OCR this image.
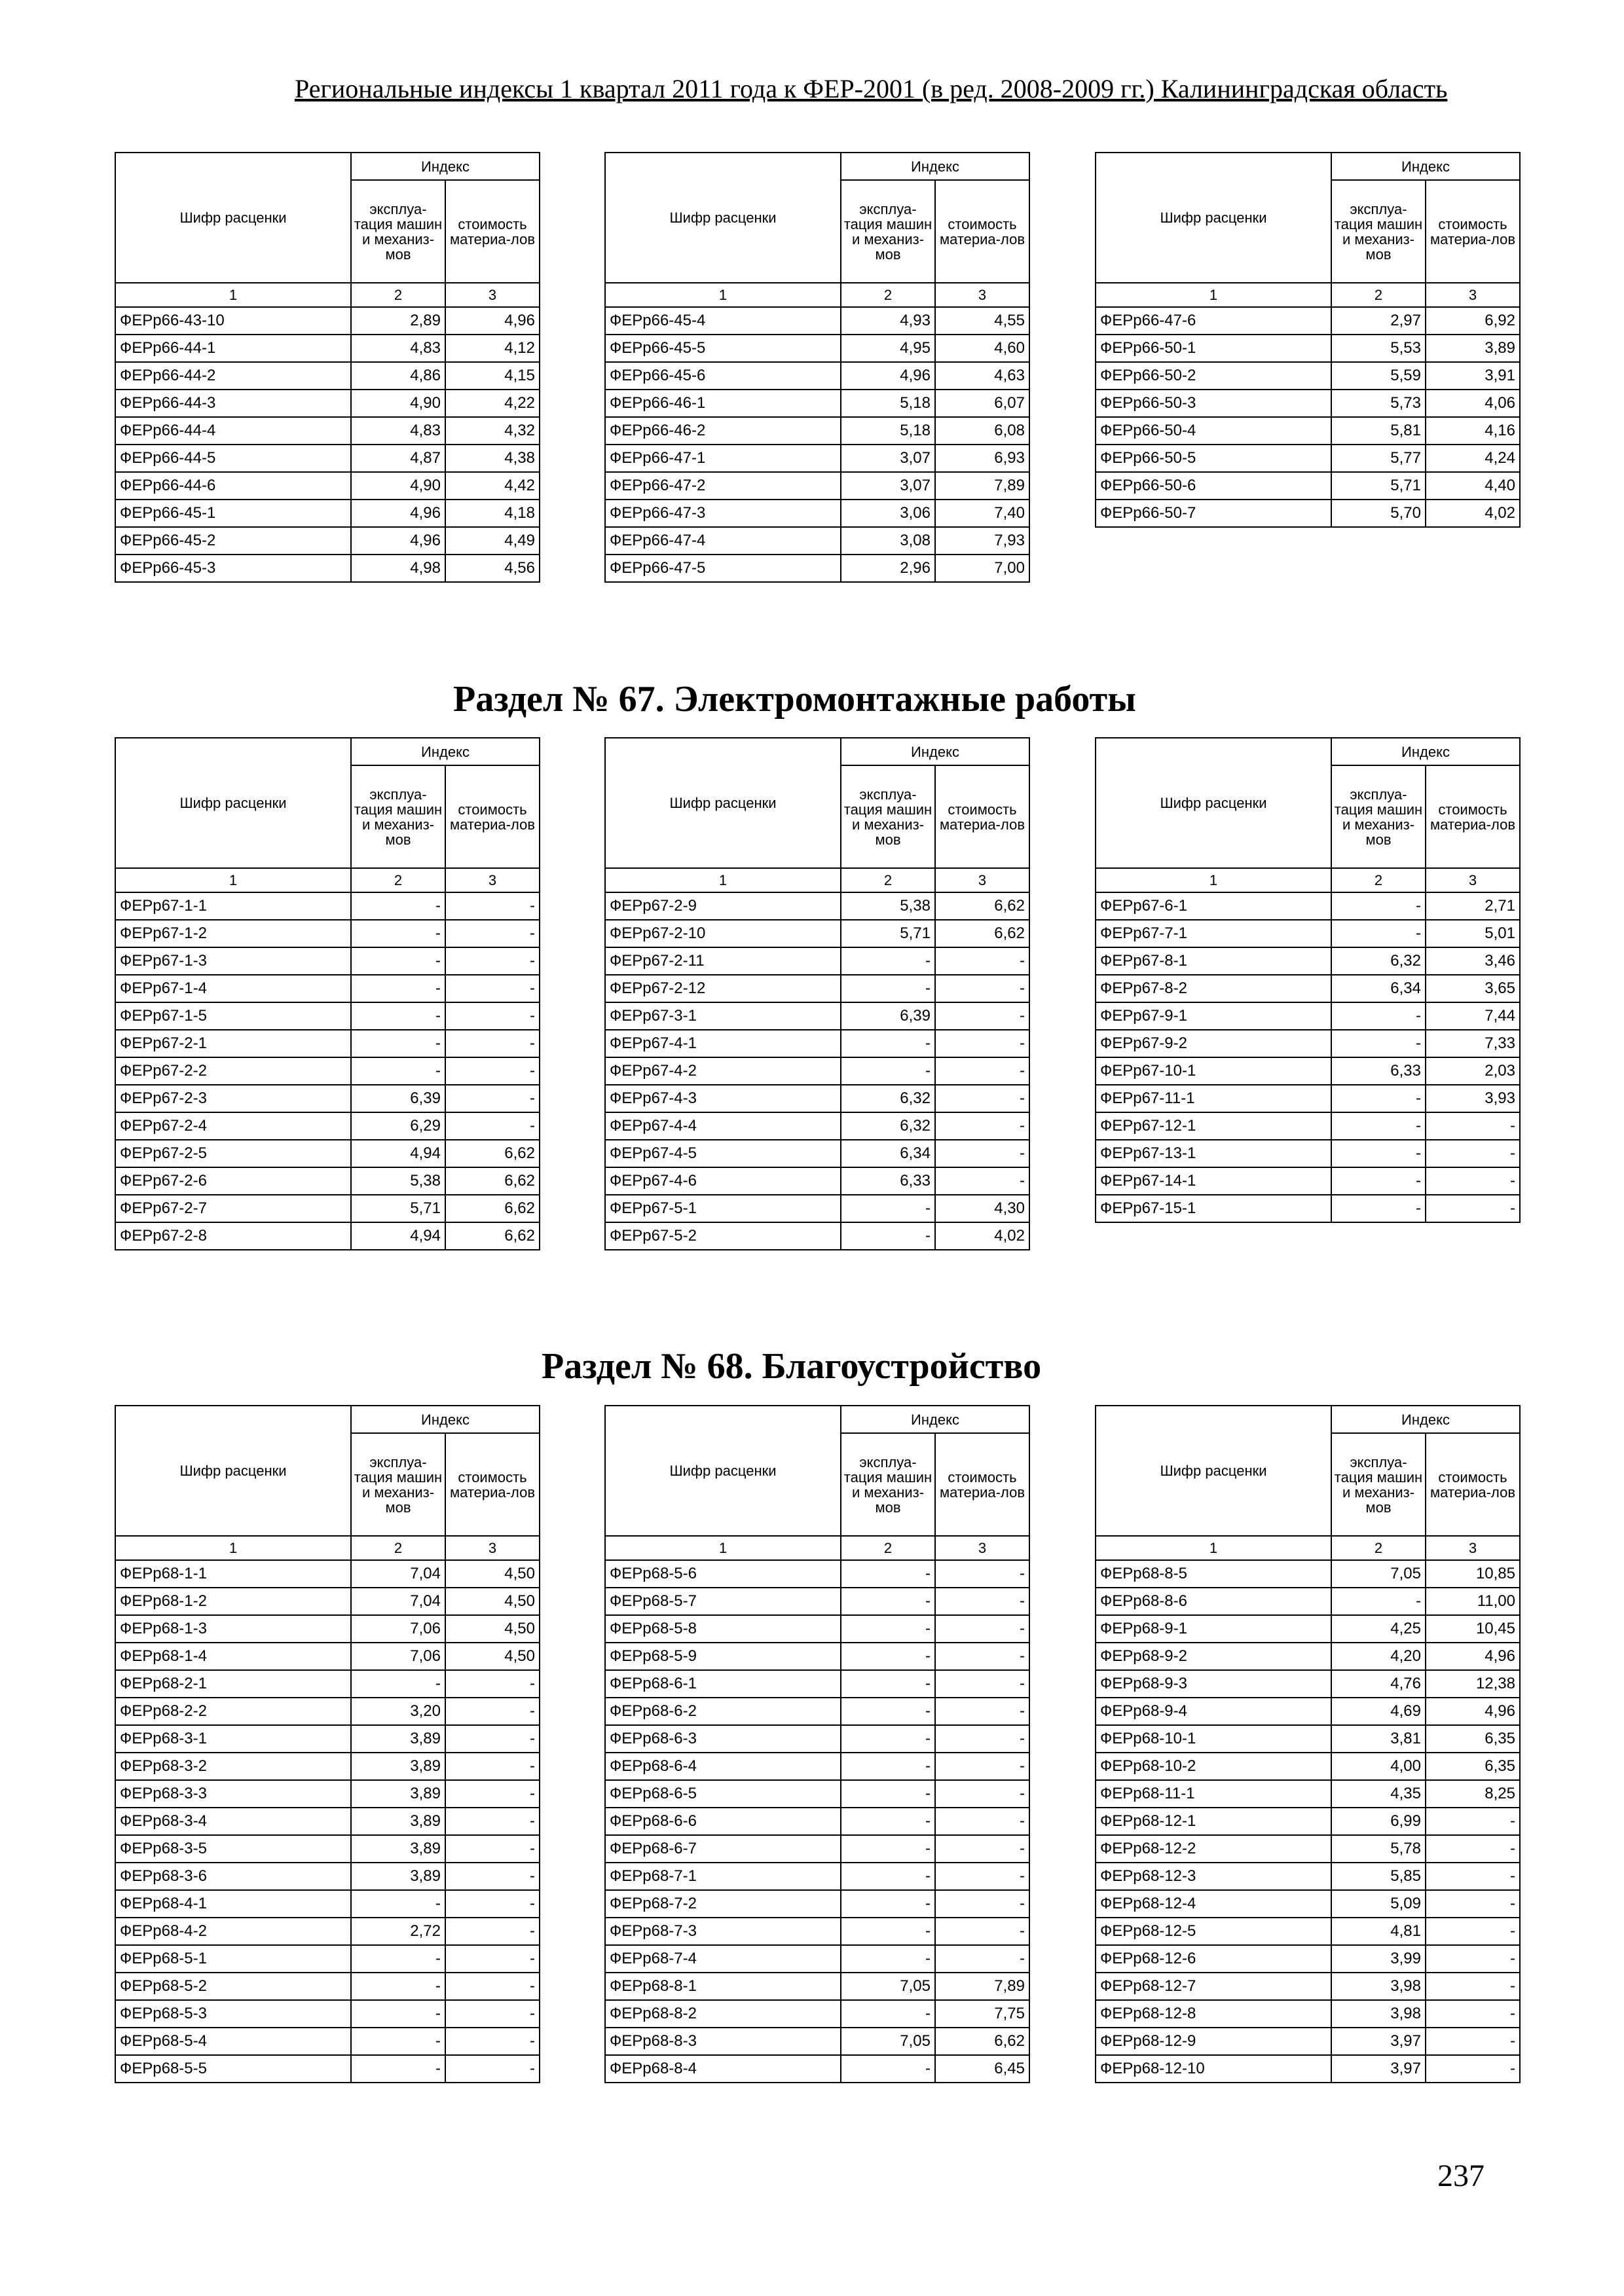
Региональные индексы 1 квартал 2011 года к ФЕР-2001 (в ред. 2008-2009 гг.) Калининградская область
Шифр расценки	Индекс	
	эксплуа-тация машин и механиз-мов	стоимость материа-лов
1	2	3
ФЕРр66-43-10	2,89	4,96
ФЕРр66-44-1	4,83	4,12
ФЕРр66-44-2	4,86	4,15
ФЕРр66-44-3	4,90	4,22
ФЕРр66-44-4	4,83	4,32
ФЕРр66-44-5	4,87	4,38
ФЕРр66-44-6	4,90	4,42
ФЕРр66-45-1	4,96	4,18
ФЕРр66-45-2	4,96	4,49
ФЕРр66-45-3	4,98	4,56
Шифр расценки	Индекс	
	эксплуа-тация машин и механиз-мов	стоимость материа-лов
1	2	3
ФЕРр66-45-4	4,93	4,55
ФЕРр66-45-5	4,95	4,60
ФЕРр66-45-6	4,96	4,63
ФЕРр66-46-1	5,18	6,07
ФЕРр66-46-2	5,18	6,08
ФЕРр66-47-1	3,07	6,93
ФЕРр66-47-2	3,07	7,89
ФЕРр66-47-3	3,06	7,40
ФЕРр66-47-4	3,08	7,93
ФЕРр66-47-5	2,96	7,00
Шифр расценки	Индекс	
	эксплуа-тация машин и механиз-мов	стоимость материа-лов
1	2	3
ФЕРр66-47-6	2,97	6,92
ФЕРр66-50-1	5,53	3,89
ФЕРр66-50-2	5,59	3,91
ФЕРр66-50-3	5,73	4,06
ФЕРр66-50-4	5,81	4,16
ФЕРр66-50-5	5,77	4,24
ФЕРр66-50-6	5,71	4,40
ФЕРр66-50-7	5,70	4,02
Раздел № 67. Электромонтажные работы
Шифр расценки	Индекс	
	эксплуа-тация машин и механиз-мов	стоимость материа-лов
1	2	3
ФЕРр67-1-1	-	-
ФЕРр67-1-2	-	-
ФЕРр67-1-3	-	-
ФЕРр67-1-4	-	-
ФЕРр67-1-5	-	-
ФЕРр67-2-1	-	-
ФЕРр67-2-2	-	-
ФЕРр67-2-3	6,39	-
ФЕРр67-2-4	6,29	-
ФЕРр67-2-5	4,94	6,62
ФЕРр67-2-6	5,38	6,62
ФЕРр67-2-7	5,71	6,62
ФЕРр67-2-8	4,94	6,62
Шифр расценки	Индекс	
	эксплуа-тация машин и механиз-мов	стоимость материа-лов
1	2	3
ФЕРр67-2-9	5,38	6,62
ФЕРр67-2-10	5,71	6,62
ФЕРр67-2-11	-	-
ФЕРр67-2-12	-	-
ФЕРр67-3-1	6,39	-
ФЕРр67-4-1	-	-
ФЕРр67-4-2	-	-
ФЕРр67-4-3	6,32	-
ФЕРр67-4-4	6,32	-
ФЕРр67-4-5	6,34	-
ФЕРр67-4-6	6,33	-
ФЕРр67-5-1	-	4,30
ФЕРр67-5-2	-	4,02
Шифр расценки	Индекс	
	эксплуа-тация машин и механиз-мов	стоимость материа-лов
1	2	3
ФЕРр67-6-1	-	2,71
ФЕРр67-7-1	-	5,01
ФЕРр67-8-1	6,32	3,46
ФЕРр67-8-2	6,34	3,65
ФЕРр67-9-1	-	7,44
ФЕРр67-9-2	-	7,33
ФЕРр67-10-1	6,33	2,03
ФЕРр67-11-1	-	3,93
ФЕРр67-12-1	-	-
ФЕРр67-13-1	-	-
ФЕРр67-14-1	-	-
ФЕРр67-15-1	-	-
Раздел № 68. Благоустройство
Шифр расценки	Индекс	
	эксплуа-тация машин и механиз-мов	стоимость материа-лов
1	2	3
ФЕРр68-1-1	7,04	4,50
ФЕРр68-1-2	7,04	4,50
ФЕРр68-1-3	7,06	4,50
ФЕРр68-1-4	7,06	4,50
ФЕРр68-2-1	-	-
ФЕРр68-2-2	3,20	-
ФЕРр68-3-1	3,89	-
ФЕРр68-3-2	3,89	-
ФЕРр68-3-3	3,89	-
ФЕРр68-3-4	3,89	-
ФЕРр68-3-5	3,89	-
ФЕРр68-3-6	3,89	-
ФЕРр68-4-1	-	-
ФЕРр68-4-2	2,72	-
ФЕРр68-5-1	-	-
ФЕРр68-5-2	-	-
ФЕРр68-5-3	-	-
ФЕРр68-5-4	-	-
ФЕРр68-5-5	-	-
Шифр расценки	Индекс	
	эксплуа-тация машин и механиз-мов	стоимость материа-лов
1	2	3
ФЕРр68-5-6	-	-
ФЕРр68-5-7	-	-
ФЕРр68-5-8	-	-
ФЕРр68-5-9	-	-
ФЕРр68-6-1	-	-
ФЕРр68-6-2	-	-
ФЕРр68-6-3	-	-
ФЕРр68-6-4	-	-
ФЕРр68-6-5	-	-
ФЕРр68-6-6	-	-
ФЕРр68-6-7	-	-
ФЕРр68-7-1	-	-
ФЕРр68-7-2	-	-
ФЕРр68-7-3	-	-
ФЕРр68-7-4	-	-
ФЕРр68-8-1	7,05	7,89
ФЕРр68-8-2	-	7,75
ФЕРр68-8-3	7,05	6,62
ФЕРр68-8-4	-	6,45
Шифр расценки	Индекс	
	эксплуа-тация машин и механиз-мов	стоимость материа-лов
1	2	3
ФЕРр68-8-5	7,05	10,85
ФЕРр68-8-6	-	11,00
ФЕРр68-9-1	4,25	10,45
ФЕРр68-9-2	4,20	4,96
ФЕРр68-9-3	4,76	12,38
ФЕРр68-9-4	4,69	4,96
ФЕРр68-10-1	3,81	6,35
ФЕРр68-10-2	4,00	6,35
ФЕРр68-11-1	4,35	8,25
ФЕРр68-12-1	6,99	-
ФЕРр68-12-2	5,78	-
ФЕРр68-12-3	5,85	-
ФЕРр68-12-4	5,09	-
ФЕРр68-12-5	4,81	-
ФЕРр68-12-6	3,99	-
ФЕРр68-12-7	3,98	-
ФЕРр68-12-8	3,98	-
ФЕРр68-12-9	3,97	-
ФЕРр68-12-10	3,97	-
237
